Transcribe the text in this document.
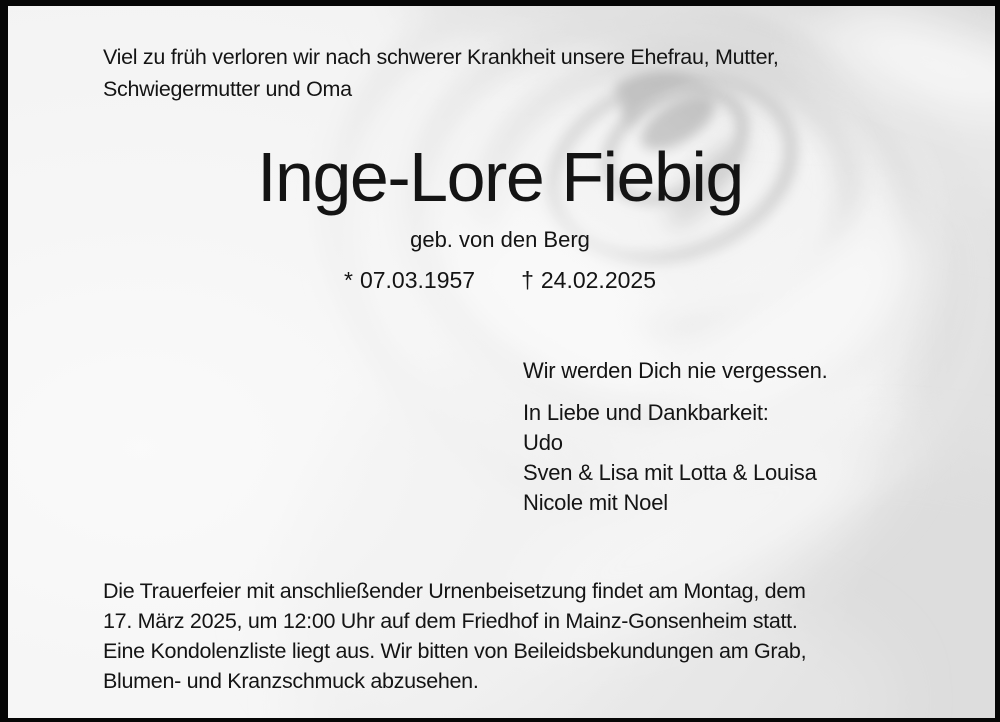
Viel zu früh verloren wir nach schwerer Krankheit unsere Ehefrau, Mutter,
Schwiegermutter und Oma
Inge-Lore Fiebig
geb. von den Berg
* 07.03.1957 † 24.02.2025
Wir werden Dich nie vergessen.
In Liebe und Dankbarkeit:
Udo
Sven & Lisa mit Lotta & Louisa
Nicole mit Noel
Die Trauerfeier mit anschließender Urnenbeisetzung findet am Montag, dem
17. März 2025, um 12:00 Uhr auf dem Friedhof in Mainz-Gonsenheim statt.
Eine Kondolenzliste liegt aus. Wir bitten von Beileidsbekundungen am Grab,
Blumen- und Kranzschmuck abzusehen.
